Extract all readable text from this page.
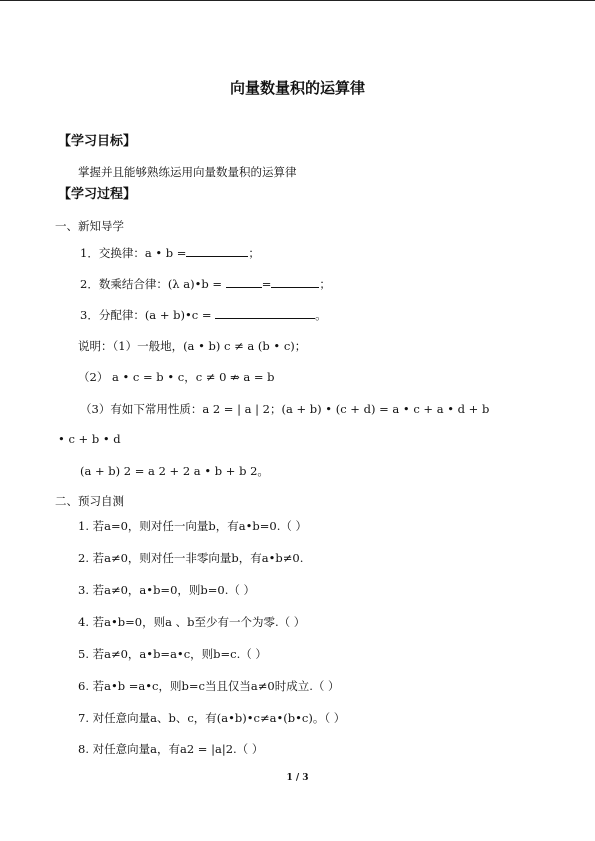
向量数量积的运算律
【学习目标】
掌握并且能够熟练运用向量数量积的运算律
【学习过程】
一、新知导学
1．交换律：a • b =	；
2．数乘结合律：(λ a)•b =	=	；
3．分配律：(a + b)•c =	。
说明：（1）一般地，(a • b) c ≠ a (b • c)；
（2） a • c = b • c，c ≠ 0 ⇏ a = b
（3）有如下常用性质：a 2 = | a | 2；(a + b) • (c + d) = a • c + a • d + b
• c + b • d
(a + b) 2 = a 2 + 2 a • b + b 2。
二、预习自测
1. 若a=0，则对任一向量b，有a•b=0.（ ）
2. 若a≠0，则对任一非零向量b，有a•b≠0.
3. 若a≠0，a•b=0，则b=0.（ ）
4. 若a•b=0，则a 、b至少有一个为零.（ ）
5. 若a≠0，a•b=a•c，则b=c.（ ）
6. 若a•b =a•c，则b=c当且仅当a≠0时成立.（ ）
7. 对任意向量a、b、c，有(a•b)•c≠a•(b•c)。（ ）
8. 对任意向量a，有a2 = |a|2.（ ）
1 / 3
